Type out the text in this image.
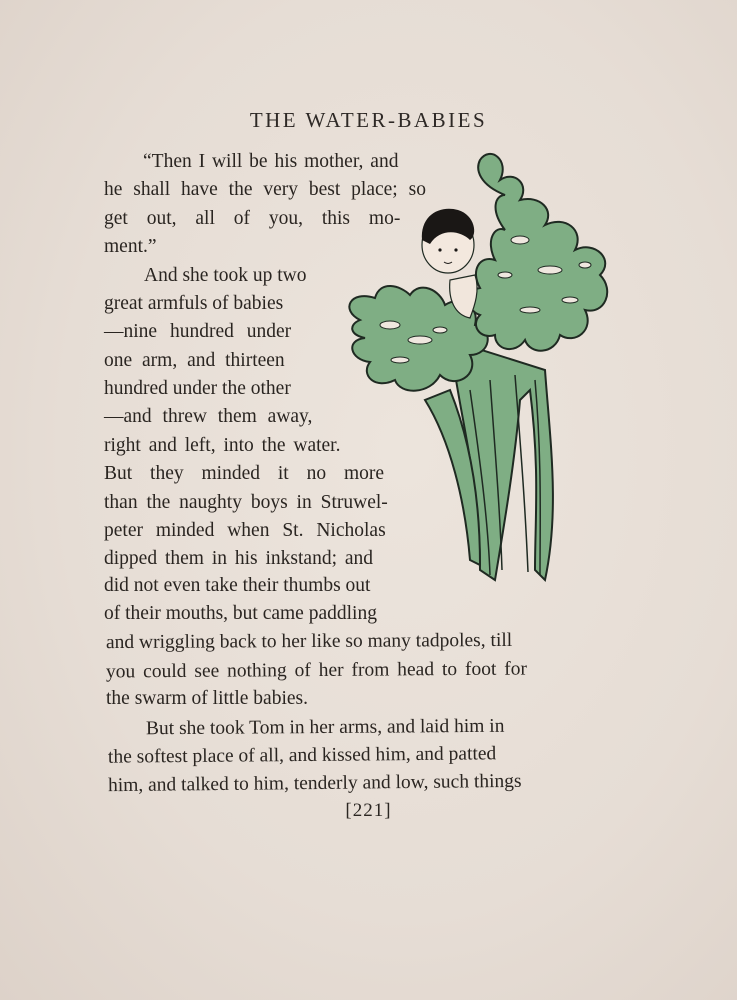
THE WATER-BABIES
“Then I will be his mother, and
he shall have the very best place; so
get out, all of you, this mo-
ment.”
And she took up two
great armfuls of babies
—nine hundred under
one arm, and thirteen
hundred under the other
—and threw them away,
right and left, into the water.
But they minded it no more
than the naughty boys in Struwel-
peter minded when St. Nicholas
dipped them in his inkstand; and
did not even take their thumbs out
of their mouths, but came paddling
and wriggling back to her like so many tadpoles, till
you could see nothing of her from head to foot for
the swarm of little babies.
But she took Tom in her arms, and laid him in
the softest place of all, and kissed him, and patted
him, and talked to him, tenderly and low, such things
[221]
